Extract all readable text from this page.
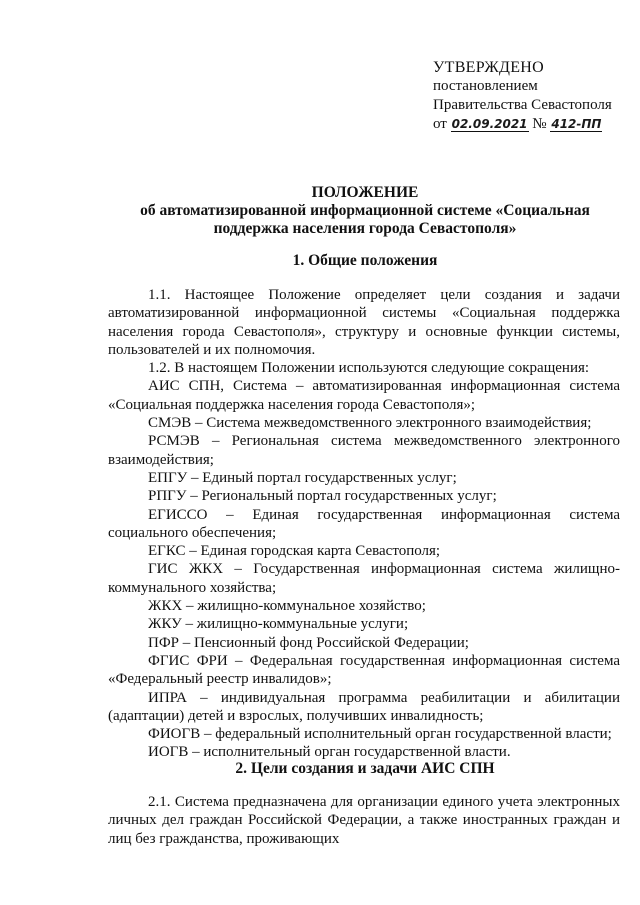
УТВЕРЖДЕНО
постановлением
Правительства Севастополя
от 02.09.2021 № 412-ПП
ПОЛОЖЕНИЕ
об автоматизированной информационной системе «Социальная
поддержка населения города Севастополя»
1. Общие положения

1.1. Настоящее Положение определяет цели создания и задачи автоматизированной информационной системы «Социальная поддержка населения города Севастополя», структуру и основные функции системы, пользователей и их полномочия.

1.2. В настоящем Положении используются следующие сокращения:

АИС СПН, Система – автоматизированная информационная система «Социальная поддержка населения города Севастополя»;

СМЭВ – Система межведомственного электронного взаимодействия;

РСМЭВ – Региональная система межведомственного электронного взаимодействия;

ЕПГУ – Единый портал государственных услуг;

РПГУ – Региональный портал государственных услуг;

ЕГИССО – Единая государственная информационная система социального обеспечения;

ЕГКС – Единая городская карта Севастополя;

ГИС ЖКХ – Государственная информационная система жилищно-коммунального хозяйства;

ЖКХ – жилищно-коммунальное хозяйство;

ЖКУ – жилищно-коммунальные услуги;

ПФР – Пенсионный фонд Российской Федерации;

ФГИС ФРИ – Федеральная государственная информационная система «Федеральный реестр инвалидов»;

ИПРА – индивидуальная программа реабилитации и абилитации (адаптации) детей и взрослых, получивших инвалидность;

ФИОГВ – федеральный исполнительный орган государственной власти;

ИОГВ – исполнительный орган государственной власти.

2. Цели создания и задачи АИС СПН

2.1. Система предназначена для организации единого учета электронных личных дел граждан Российской Федерации, а также иностранных граждан и лиц без гражданства, проживающих
